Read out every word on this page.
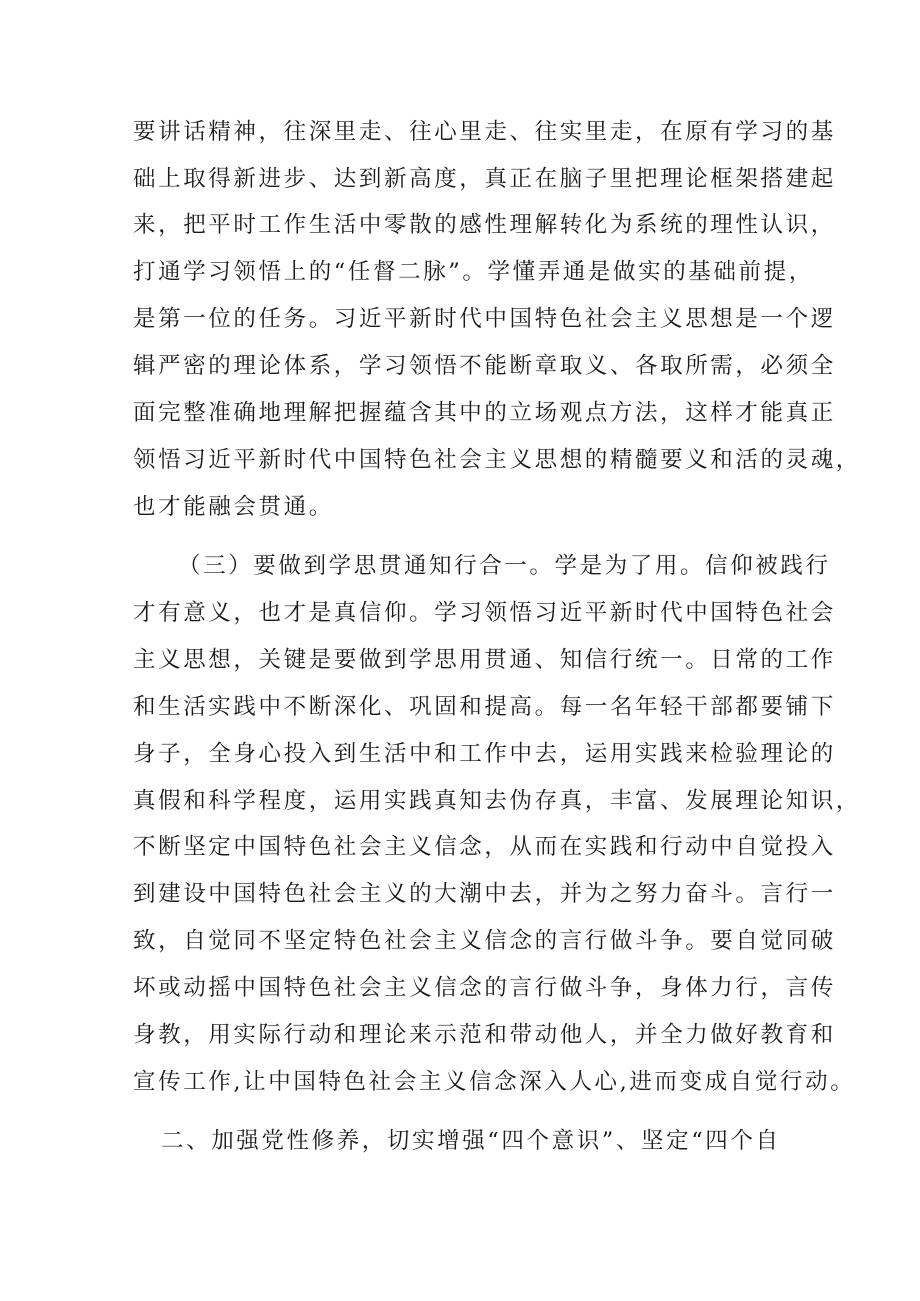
要讲话精神，往深里走、往心里走、往实里走，在原有学习的基
础上取得新进步、达到新高度，真正在脑子里把理论框架搭建起
来，把平时工作生活中零散的感性理解转化为系统的理性认识，
打通学习领悟上的“任督二脉”。学懂弄通是做实的基础前提，
是第一位的任务。习近平新时代中国特色社会主义思想是一个逻
辑严密的理论体系，学习领悟不能断章取义、各取所需，必须全
面完整准确地理解把握蕴含其中的立场观点方法，这样才能真正
领悟习近平新时代中国特色社会主义思想的精髓要义和活的灵魂，
也才能融会贯通。
（三）要做到学思贯通知行合一。学是为了用。信仰被践行
才有意义，也才是真信仰。学习领悟习近平新时代中国特色社会
主义思想，关键是要做到学思用贯通、知信行统一。日常的工作
和生活实践中不断深化、巩固和提高。每一名年轻干部都要铺下
身子，全身心投入到生活中和工作中去，运用实践来检验理论的
真假和科学程度，运用实践真知去伪存真，丰富、发展理论知识，
不断坚定中国特色社会主义信念，从而在实践和行动中自觉投入
到建设中国特色社会主义的大潮中去，并为之努力奋斗。言行一
致，自觉同不坚定特色社会主义信念的言行做斗争。要自觉同破
坏或动摇中国特色社会主义信念的言行做斗争，身体力行，言传
身教，用实际行动和理论来示范和带动他人，并全力做好教育和
宣传工作,让中国特色社会主义信念深入人心,进而变成自觉行动。
二、加强党性修养，切实增强“四个意识”、坚定“四个自
